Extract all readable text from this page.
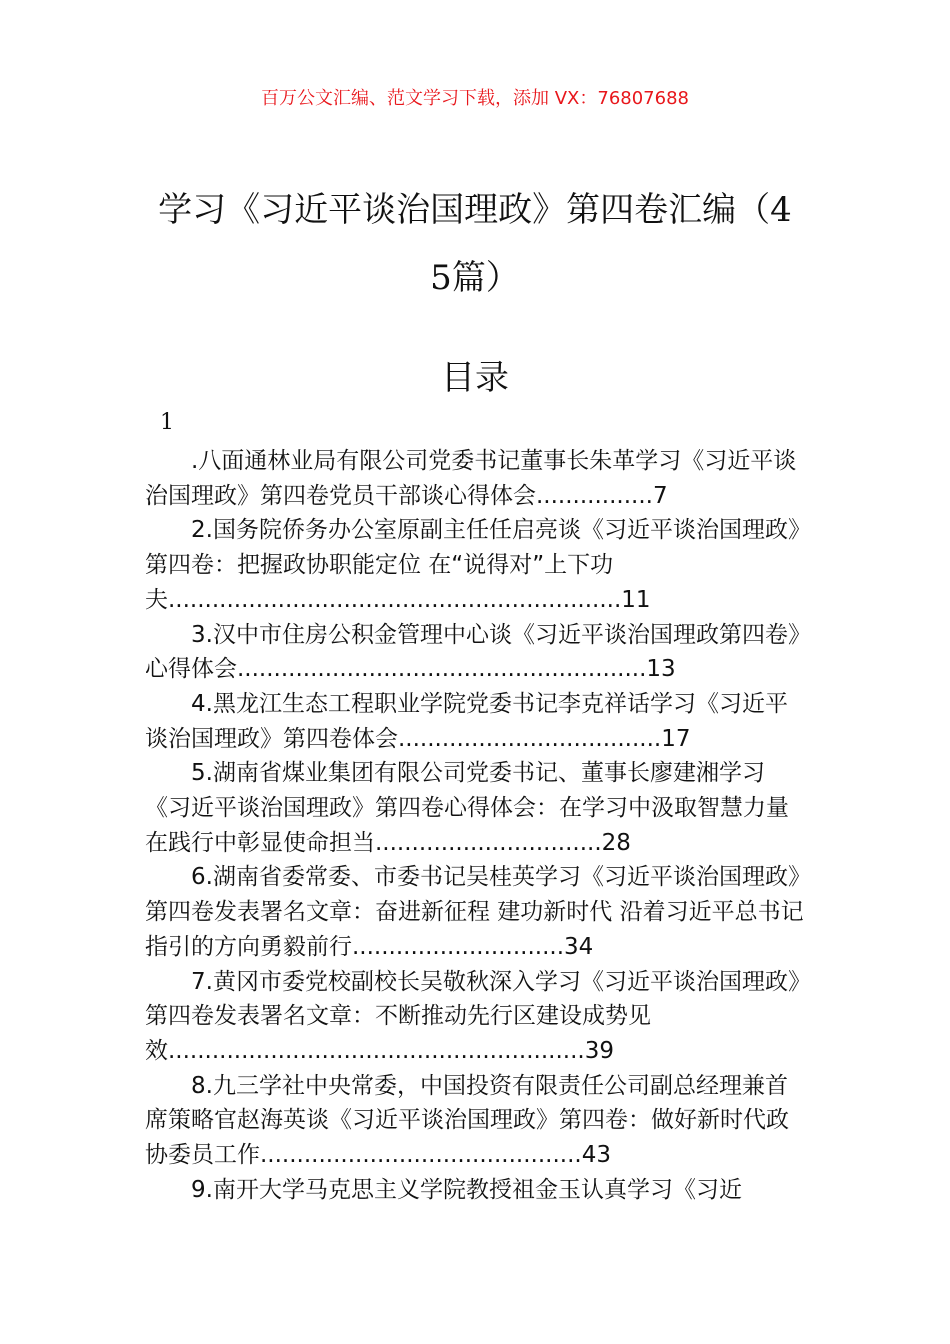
百万公文汇编、范文学习下载，添加 VX：76807688
学习《习近平谈治国理政》第四卷汇编（4
5篇）
目录
1
.八面通林业局有限公司党委书记董事长朱革学习《习近平谈治国理政》第四卷党员干部谈心得体会................7
2.国务院侨务办公室原副主任任启亮谈《习近平谈治国理政》第四卷：把握政协职能定位 在“说得对”上下功夫..............................................................11
3.汉中市住房公积金管理中心谈《习近平谈治国理政第四卷》心得体会........................................................13
4.黑龙江生态工程职业学院党委书记李克祥话学习《习近平谈治国理政》第四卷体会....................................17
5.湖南省煤业集团有限公司党委书记、董事长廖建湘学习《习近平谈治国理政》第四卷心得体会：在学习中汲取智慧力量 在践行中彰显使命担当...............................28
6.湖南省委常委、市委书记吴桂英学习《习近平谈治国理政》第四卷发表署名文章：奋进新征程 建功新时代 沿着习近平总书记指引的方向勇毅前行.............................34
7.黄冈市委党校副校长吴敬秋深入学习《习近平谈治国理政》第四卷发表署名文章：不断推动先行区建设成势见效.........................................................39
8.九三学社中央常委，中国投资有限责任公司副总经理兼首席策略官赵海英谈《习近平谈治国理政》第四卷：做好新时代政协委员工作............................................43
9.南开大学马克思主义学院教授祖金玉认真学习《习近
